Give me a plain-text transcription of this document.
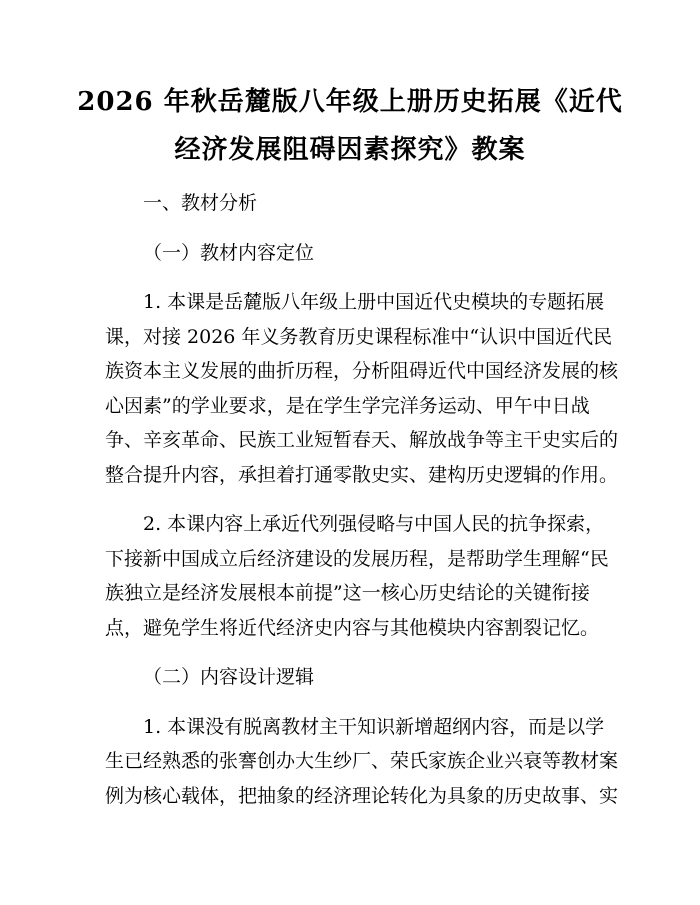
2026 年秋岳麓版八年级上册历史拓展《近代
经济发展阻碍因素探究》教案
一、教材分析
（一）教材内容定位
1. 本课是岳麓版八年级上册中国近代史模块的专题拓展
课，对接 2026 年义务教育历史课程标准中“认识中国近代民
族资本主义发展的曲折历程，分析阻碍近代中国经济发展的核
心因素”的学业要求，是在学生学完洋务运动、甲午中日战
争、辛亥革命、民族工业短暂春天、解放战争等主干史实后的
整合提升内容，承担着打通零散史实、建构历史逻辑的作用。
2. 本课内容上承近代列强侵略与中国人民的抗争探索，
下接新中国成立后经济建设的发展历程，是帮助学生理解“民
族独立是经济发展根本前提”这一核心历史结论的关键衔接
点，避免学生将近代经济史内容与其他模块内容割裂记忆。
（二）内容设计逻辑
1. 本课没有脱离教材主干知识新增超纲内容，而是以学
生已经熟悉的张謇创办大生纱厂、荣氏家族企业兴衰等教材案
例为核心载体，把抽象的经济理论转化为具象的历史故事、实
